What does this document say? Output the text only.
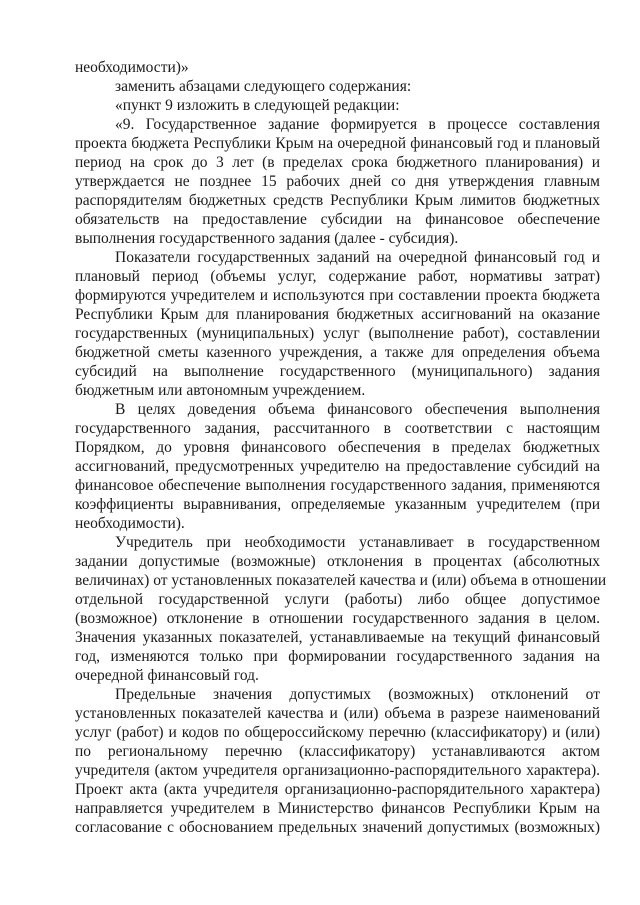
необходимости)»
заменить абзацами следующего содержания:
«пункт 9 изложить в следующей редакции:
«9. Государственное задание формируется в процессе составления
проекта бюджета Республики Крым на очередной финансовый год и плановый
период на срок до 3 лет (в пределах срока бюджетного планирования) и
утверждается не позднее 15 рабочих дней со дня утверждения главным
распорядителям бюджетных средств Республики Крым лимитов бюджетных
обязательств на предоставление субсидии на финансовое обеспечение
выполнения государственного задания (далее - субсидия).
Показатели государственных заданий на очередной финансовый год и
плановый период (объемы услуг, содержание работ, нормативы затрат)
формируются учредителем и используются при составлении проекта бюджета
Республики Крым для планирования бюджетных ассигнований на оказание
государственных (муниципальных) услуг (выполнение работ), составлении
бюджетной сметы казенного учреждения, а также для определения объема
субсидий на выполнение государственного (муниципального) задания
бюджетным или автономным учреждением.
В целях доведения объема финансового обеспечения выполнения
государственного задания, рассчитанного в соответствии с настоящим
Порядком, до уровня финансового обеспечения в пределах бюджетных
ассигнований, предусмотренных учредителю на предоставление субсидий на
финансовое обеспечение выполнения государственного задания, применяются
коэффициенты выравнивания, определяемые указанным учредителем (при
необходимости).
Учредитель при необходимости устанавливает в государственном
задании допустимые (возможные) отклонения в процентах (абсолютных
величинах) от установленных показателей качества и (или) объема в отношении
отдельной государственной услуги (работы) либо общее допустимое
(возможное) отклонение в отношении государственного задания в целом.
Значения указанных показателей, устанавливаемые на текущий финансовый
год, изменяются только при формировании государственного задания на
очередной финансовый год.
Предельные значения допустимых (возможных) отклонений от
установленных показателей качества и (или) объема в разрезе наименований
услуг (работ) и кодов по общероссийскому перечню (классификатору) и (или)
по региональному перечню (классификатору) устанавливаются актом
учредителя (актом учредителя организационно-распорядительного характера).
Проект акта (акта учредителя организационно-распорядительного характера)
направляется учредителем в Министерство финансов Республики Крым на
согласование с обоснованием предельных значений допустимых (возможных)
